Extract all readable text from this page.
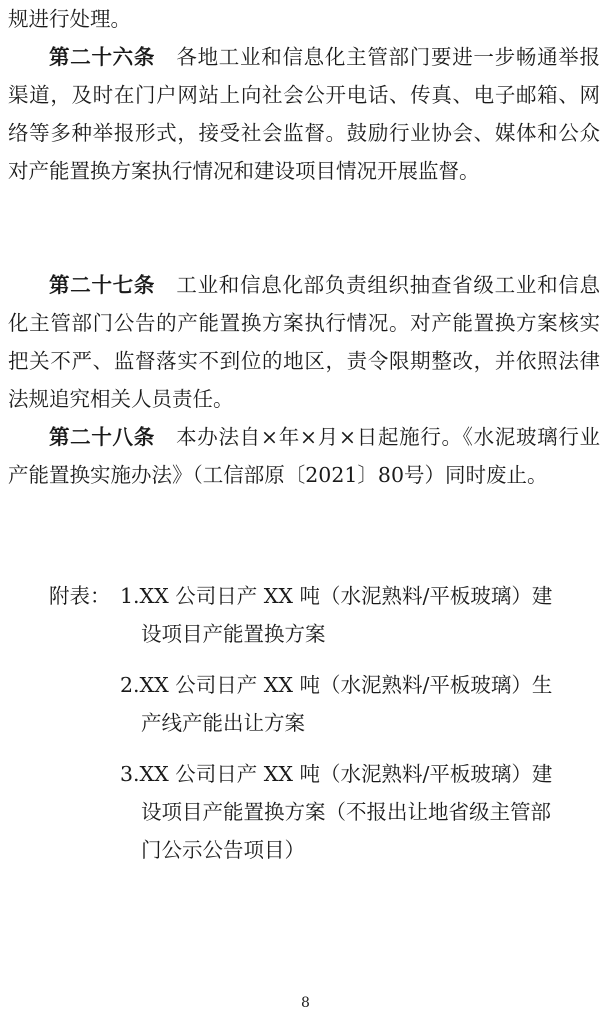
规进行处理。

第二十六条　 各地工业和信息化主管部门要进一步畅通举报渠道，及时在门户网站上向社会公开电话、传真、电子邮箱、网络等多种举报形式，接受社会监督。鼓励行业协会、媒体和公众对产能置换方案执行情况和建设项目情况开展监督。

第二十七条　 工业和信息化部负责组织抽查省级工业和信息化主管部门公告的产能置换方案执行情况。对产能置换方案核实把关不严、监督落实不到位的地区，责令限期整改，并依照法律法规追究相关人员责任。

第二十八条　 本办法自×年×月×日起施行。《水泥玻璃行业产能置换实施办法》（工信部原〔2021〕80号）同时废止。

附表： 1.XX 公司日产 XX 吨（水泥熟料/平板玻璃）建
设项目产能置换方案
2.XX 公司日产 XX 吨（水泥熟料/平板玻璃）生
产线产能出让方案
3.XX 公司日产 XX 吨（水泥熟料/平板玻璃）建
设项目产能置换方案（不报出让地省级主管部
门公示公告项目）
8
